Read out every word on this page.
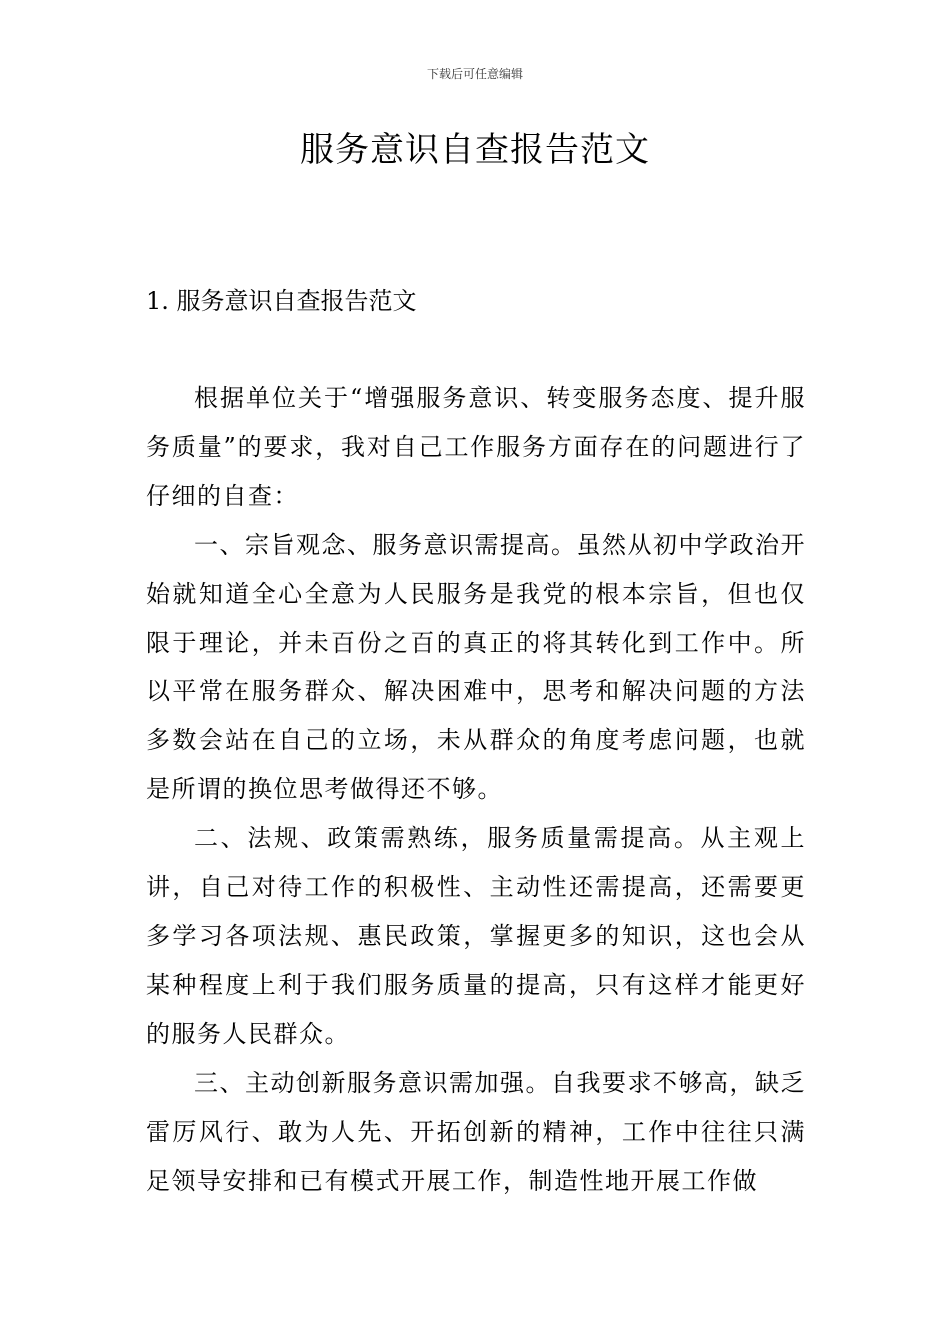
下载后可任意编辑
服务意识自查报告范文
1. 服务意识自查报告范文

根据单位关于“增强服务意识、转变服务态度、提升服务质量”的要求，我对自己工作服务方面存在的问题进行了仔细的自查：

一、宗旨观念、服务意识需提高。虽然从初中学政治开始就知道全心全意为人民服务是我党的根本宗旨，但也仅限于理论，并未百份之百的真正的将其转化到工作中。所以平常在服务群众、解决困难中，思考和解决问题的方法多数会站在自己的立场，未从群众的角度考虑问题，也就是所谓的换位思考做得还不够。

二、法规、政策需熟练，服务质量需提高。从主观上讲，自己对待工作的积极性、主动性还需提高，还需要更多学习各项法规、惠民政策，掌握更多的知识，这也会从某种程度上利于我们服务质量的提高，只有这样才能更好的服务人民群众。

三、主动创新服务意识需加强。自我要求不够高，缺乏雷厉风行、敢为人先、开拓创新的精神，工作中往往只满足领导安排和已有模式开展工作，制造性地开展工作做
